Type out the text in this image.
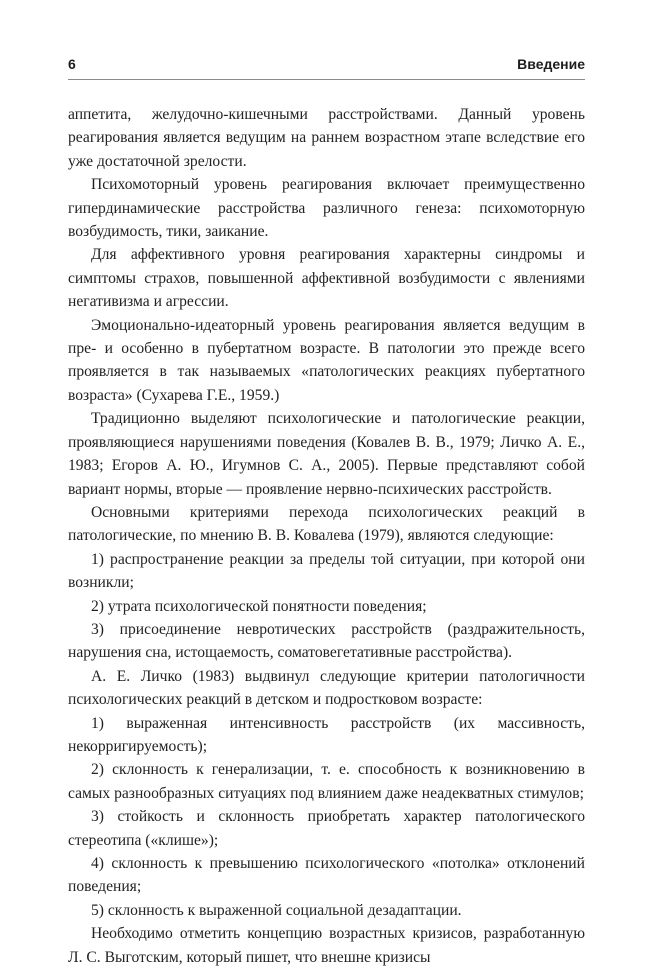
6	Введение

аппетита, желудочно-кишечными расстройствами. Данный уровень реагирования является ведущим на раннем возрастном этапе вследствие его уже достаточной зрелости.

Психомоторный уровень реагирования включает преимущественно гипердинамические расстройства различного генеза: психомоторную возбудимость, тики, заикание.

Для аффективного уровня реагирования характерны синдромы и симптомы страхов, повышенной аффективной возбудимости с явлениями негативизма и агрессии.

Эмоционально-идеаторный уровень реагирования является ведущим в пре- и особенно в пубертатном возрасте. В патологии это прежде всего проявляется в так называемых «патологических реакциях пубертатного возраста» (Сухарева Г.Е., 1959.)

Традиционно выделяют психологические и патологические реакции, проявляющиеся нарушениями поведения (Ковалев В. В., 1979; Личко А. Е., 1983; Егоров А. Ю., Игумнов С. А., 2005). Первые представляют собой вариант нормы, вторые — проявление нервно-психических расстройств.

Основными критериями перехода психологических реакций в патологические, по мнению В. В. Ковалева (1979), являются следующие:

1) распространение реакции за пределы той ситуации, при которой они возникли;

2) утрата психологической понятности поведения;

3) присоединение невротических расстройств (раздражительность, нарушения сна, истощаемость, соматовегетативные расстройства).

А. Е. Личко (1983) выдвинул следующие критерии патологичности психологических реакций в детском и подростковом возрасте:

1) выраженная интенсивность расстройств (их массивность, некорригируемость);

2) склонность к генерализации, т. е. способность к возникновению в самых разнообразных ситуациях под влиянием даже неадекватных стимулов;

3) стойкость и склонность приобретать характер патологического стереотипа («клише»);

4) склонность к превышению психологического «потолка» отклонений поведения;

5) склонность к выраженной социальной дезадаптации.

Необходимо отметить концепцию возрастных кризисов, разработанную Л. С. Выготским, который пишет, что внешне кризисы
